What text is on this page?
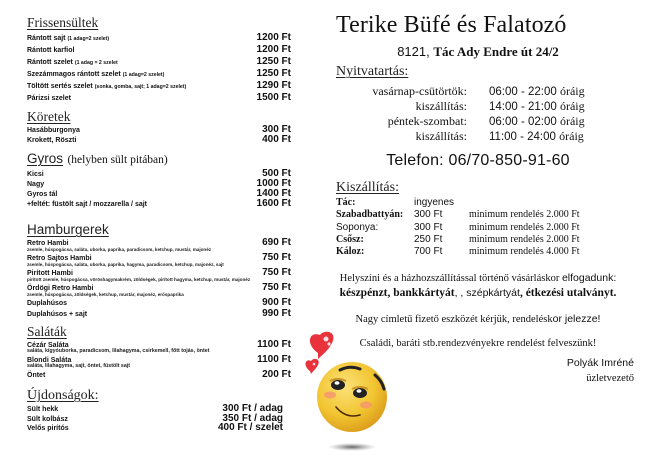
Frissensültek
Rántott sajt (1 adag=2 szelet)	1200 Ft
Rántott karfiol	1200 Ft
Rántott szelet (1 adag = 2 szelet	1250 Ft
Szezámmagos rántott szelet (1 adag=2 szelet)	1250 Ft
Töltött sertés szelet (sonka, gomba, sajt; 1 adag=2 szelet)	1290 Ft
Párizsi szelet	1500 Ft
Köretek
Hasábburgonya	300 Ft
Krokett, Röszti	400 Ft
Gyros (helyben sült pitában)
Kicsi	500 Ft
Nagy	1000 Ft
Gyros tál	1400 Ft
+feltét: füstölt sajt / mozzarella / sajt	1600 Ft
Hamburgerek
Retro Hambi	690 Ft
zsemle, húspogácsa, saláta, uborka, paprika, paradicsom, ketchup, mustár, majonéz
Retro Sajtos Hambi	750 Ft
zsemle, húspogácsa, saláta, uborka, paprika, hagyma, paradicsom, ketchup, majonéz, sajt
Pirított Hambi	750 Ft
pirított zsemle, húspogácsa, vöröshagymakrém, zöldségek, pirított hagyma, ketchup, mustár, majonéz
Ördögi Retro Hambi	750 Ft
zsemle, húspogácsa, zöldségek, ketchup, mustár, majonéz, erőspaprika
Duplahúsos	900 Ft
Duplahúsos + sajt	990 Ft
Saláták
Cézár Saláta	1100 Ft
saláta, kígyóuborka, paradicsom, lilahagyma, csirkemell, főtt tojás, öntet
Blondi Saláta	1100 Ft
saláta, lilahagyma, sajt, öntet, füstölt sajt
Öntet	200 Ft
Újdonságok:
Sült hekk	300 Ft / adag
Sült kolbász	350 Ft / adag
Velős pirítós	400 Ft / szelet
Terike Büfé és Falatozó
8121, Tác Ady Endre út 24/2
Nyitvatartás:
vasárnap-csütörtök: 06:00 - 22:00 óráig
kiszállítás: 14:00 - 21:00 óráig
péntek-szombat: 06:00 - 02:00 óráig
kiszállítás: 11:00 - 24:00 óráig
Telefon: 06/70-850-91-60
Kiszállítás:
Tác:	ingyenes
Szabadbattyán:	300 Ft	minimum rendelés 2.000 Ft
Soponya:	300 Ft	minimum rendelés 2.000 Ft
Csősz:	250 Ft	minimum rendelés 2.000 Ft
Káloz:	700 Ft	minimum rendelés 4.000 Ft
Helyszíni és a házhozszállítással történő vásárláskor elfogadunk:
készpénzt, bankkártyát, , szépkártyát, étkezési utalványt.
Nagy címletű fizető eszközét kérjük, rendeléskor jelezze!
Családi, baráti stb.rendezvényekre rendelést felveszünk!
Polyák Imréné
üzletvezető
